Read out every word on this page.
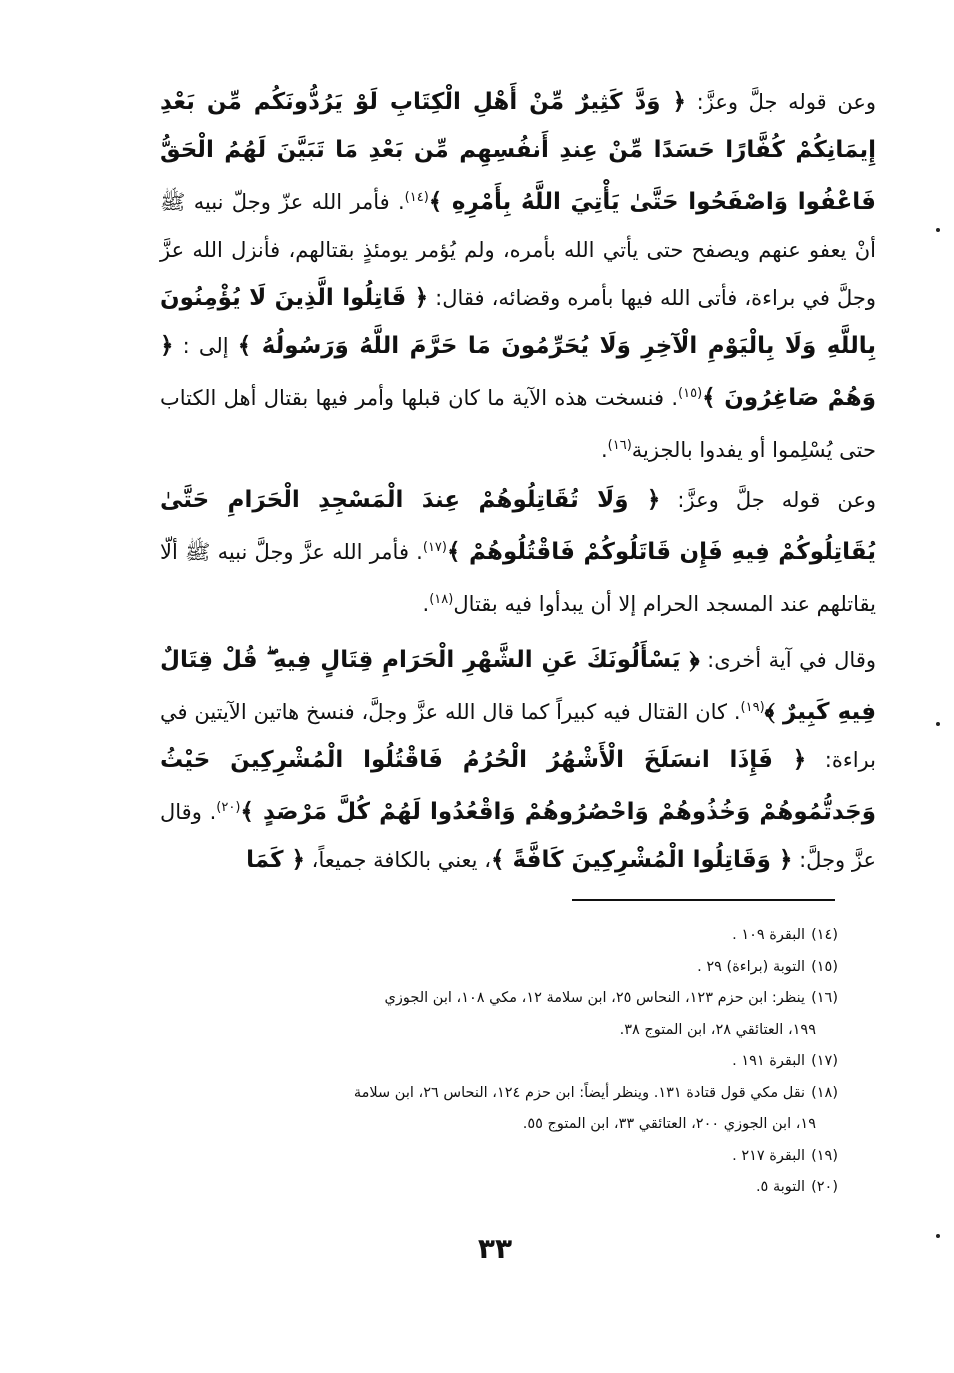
وعن قوله جلَّ وعزَّ: ﴿ وَدَّ كَثِيرٌ مِّنْ أَهْلِ الْكِتَابِ لَوْ يَرُدُّونَكُم مِّن بَعْدِ إِيمَانِكُمْ كُفَّارًا حَسَدًا مِّنْ عِندِ أَنفُسِهِم مِّن بَعْدِ مَا تَبَيَّنَ لَهُمُ الْحَقُّ فَاعْفُوا وَاصْفَحُوا حَتَّىٰ يَأْتِيَ اللَّهُ بِأَمْرِهِ ﴾$^{(١٤)}$. فأمر الله عزّ وجلّ نبيه ﷺ أنْ يعفو عنهم ويصفح حتى يأتي الله بأمره، ولم يُؤمر يومئذٍ بقتالهم، فأنزل الله عزَّ وجلَّ في براءة، فأتى الله فيها بأمره وقضائه، فقال: ﴿ قَاتِلُوا الَّذِينَ لَا يُؤْمِنُونَ بِاللَّهِ وَلَا بِالْيَوْمِ الْآخِرِ وَلَا يُحَرِّمُونَ مَا حَرَّمَ اللَّهُ وَرَسُولُهُ ﴾ إلى : ﴿ وَهُمْ صَاغِرُونَ ﴾$^{(١٥)}$. فنسخت هذه الآية ما كان قبلها وأمر فيها بقتال أهل الكتاب حتى يُسْلِموا أو يفدوا بالجزية$^{(١٦)}$.

وعن قوله جلَّ وعزَّ: ﴿ وَلَا تُقَاتِلُوهُمْ عِندَ الْمَسْجِدِ الْحَرَامِ حَتَّىٰ يُقَاتِلُوكُمْ فِيهِ فَإِن قَاتَلُوكُمْ فَاقْتُلُوهُمْ ﴾$^{(١٧)}$. فأمر الله عزَّ وجلَّ نبيه ﷺ ألّا يقاتلهم عند المسجد الحرام إلا أن يبدأوا فيه بقتال$^{(١٨)}$.

وقال في آية أخرى: ﴿ يَسْأَلُونَكَ عَنِ الشَّهْرِ الْحَرَامِ قِتَالٍ فِيهِ ۖ قُلْ قِتَالٌ فِيهِ كَبِيرٌ ﴾$^{(١٩)}$. كان القتال فيه كبيراً كما قال الله عزَّ وجلَّ، فنسخ هاتين الآيتين في براءة: ﴿ فَإِذَا انسَلَخَ الْأَشْهُرُ الْحُرُمُ فَاقْتُلُوا الْمُشْرِكِينَ حَيْثُ وَجَدتُّمُوهُمْ وَخُذُوهُمْ وَاحْصُرُوهُمْ وَاقْعُدُوا لَهُمْ كُلَّ مَرْصَدٍ ﴾$^{(٢٠)}$. وقال عزَّ وجلَّ: ﴿ وَقَاتِلُوا الْمُشْرِكِينَ كَافَّةً ﴾، يعني بالكافة جميعاً، ﴿ كَمَا

(١٤)البقرة ١٠٩ .
(١٥)التوبة (براءة) ٢٩ .
(١٦)ينظر: ابن حزم ١٢٣، النحاس ٢٥، ابن سلامة ١٢، مكي ١٠٨، ابن الجوزي
١٩٩، العتائقي ٢٨، ابن المتوج ٣٨.
(١٧)البقرة ١٩١ .
(١٨)نقل مكي قول قتادة ١٣١. وينظر أيضاً: ابن حزم ١٢٤، النحاس ٢٦، ابن سلامة
١٩، ابن الجوزي ٢٠٠، العتائقي ٣٣، ابن المتوج ٥٥.
(١٩)البقرة ٢١٧ .
(٢٠)التوبة ٥.
٣٣
